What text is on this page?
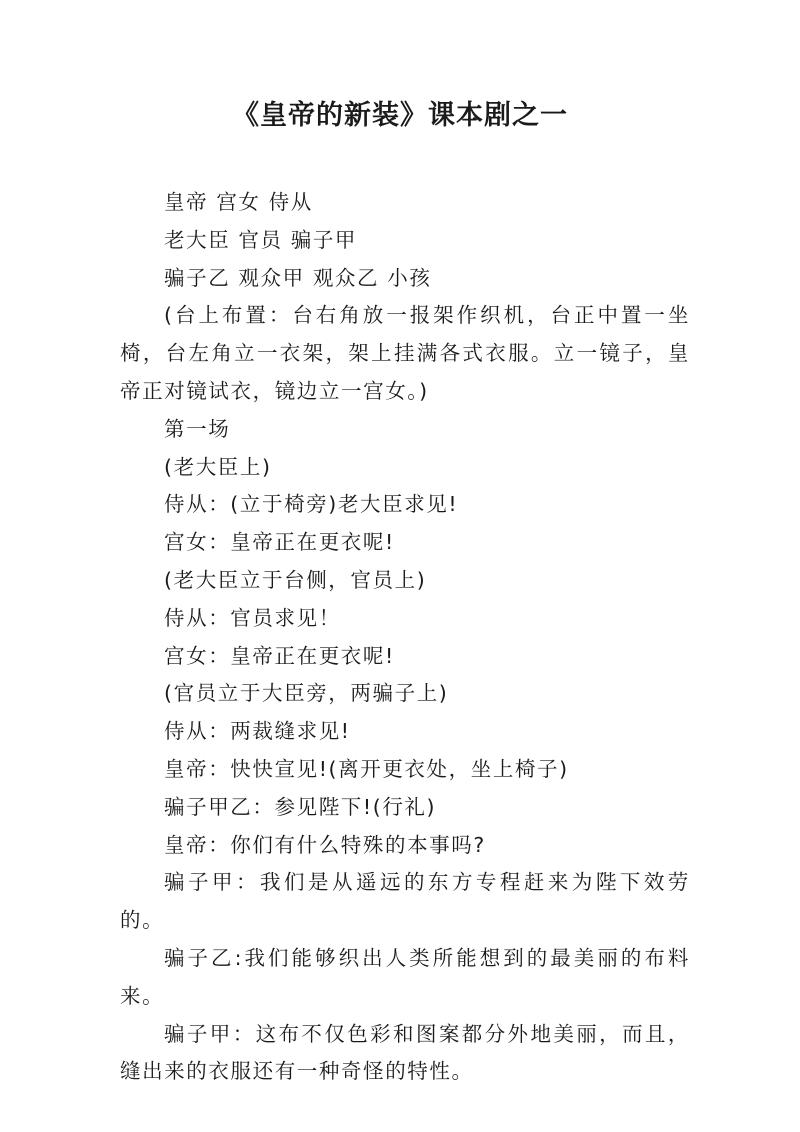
《皇帝的新装》课本剧之一

皇帝 宫女 侍从

老大臣 官员 骗子甲

骗子乙 观众甲 观众乙 小孩

(台上布置：台右角放一报架作织机，台正中置一坐椅，台左角立一衣架，架上挂满各式衣服。立一镜子，皇帝正对镜试衣，镜边立一宫女。)

第一场

(老大臣上)

侍从：(立于椅旁)老大臣求见!

宫女：皇帝正在更衣呢!

(老大臣立于台侧，官员上)

侍从：官员求见！

宫女：皇帝正在更衣呢!

(官员立于大臣旁，两骗子上)

侍从：两裁缝求见!

皇帝：快快宣见!(离开更衣处，坐上椅子)

骗子甲乙：参见陛下!(行礼)

皇帝：你们有什么特殊的本事吗?

骗子甲：我们是从遥远的东方专程赶来为陛下效劳的。

骗子乙:我们能够织出人类所能想到的最美丽的布料来。

骗子甲：这布不仅色彩和图案都分外地美丽，而且，缝出来的衣服还有一种奇怪的特性。
